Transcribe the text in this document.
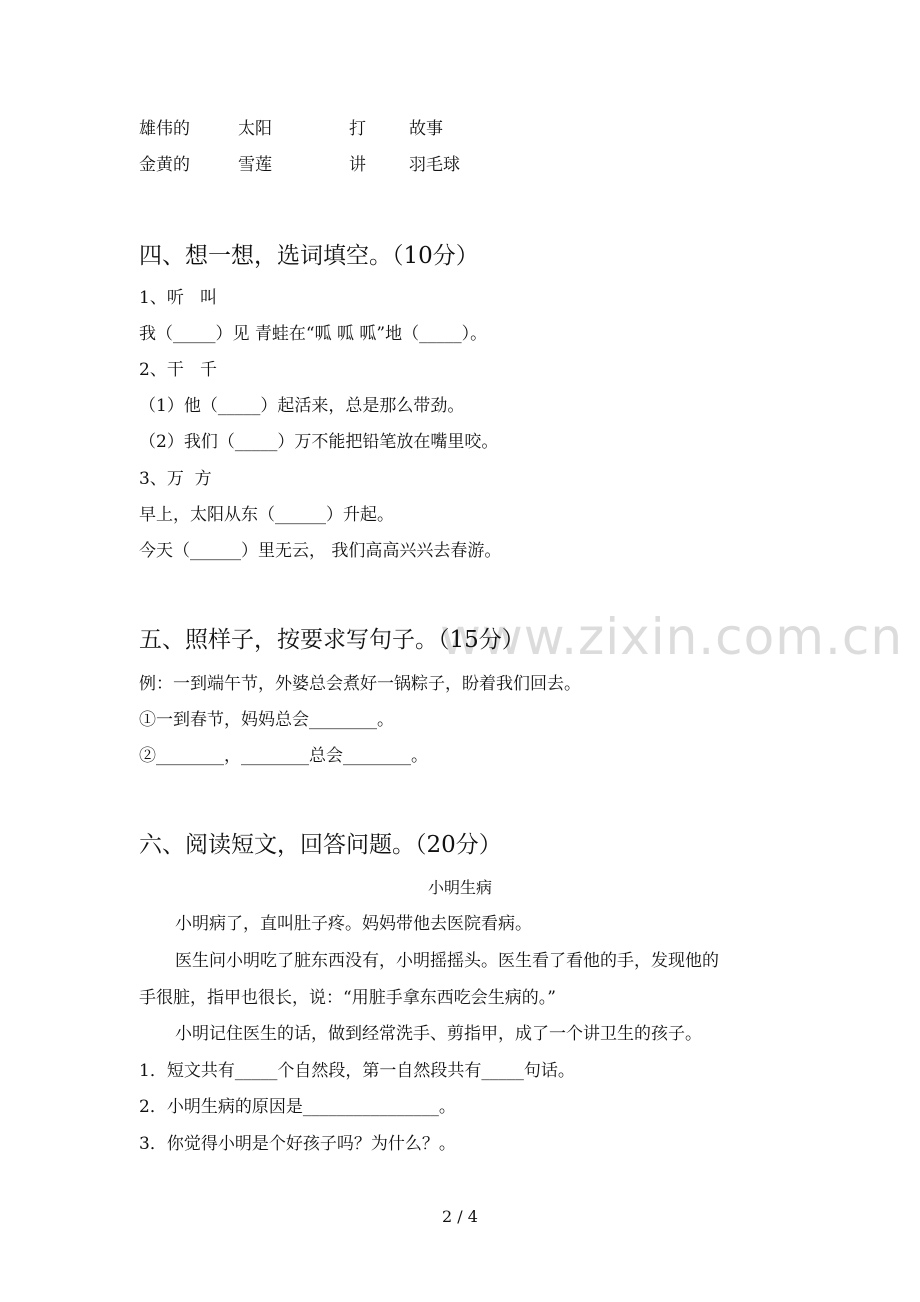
雄伟的	太阳	打	故事
金黄的	雪莲	讲	羽毛球
四、想一想，选词填空。（10分）
1、听   叫
我（_____）见 青蛙在“呱 呱 呱”地（_____）。
2、干   千
（1）他（_____）起活来，总是那么带劲。
（2）我们（_____）万不能把铅笔放在嘴里咬。
3、万  方
早上，太阳从东（______）升起。
今天（______）里无云， 我们高高兴兴去春游。
www.zixin.com.cn
五、照样子，按要求写句子。（15分）
例：一到端午节，外婆总会煮好一锅粽子，盼着我们回去。
①一到春节，妈妈总会________。
②________，________总会________。
六、阅读短文，回答问题。（20分）
小明生病
小明病了，直叫肚子疼。妈妈带他去医院看病。
医生问小明吃了脏东西没有，小明摇摇头。医生看了看他的手，发现他的
手很脏，指甲也很长，说：“用脏手拿东西吃会生病的。”
小明记住医生的话，做到经常洗手、剪指甲，成了一个讲卫生的孩子。
1．短文共有_____个自然段，第一自然段共有_____句话。
2．小明生病的原因是________________。
3．你觉得小明是个好孩子吗？为什么？。
2 / 4
